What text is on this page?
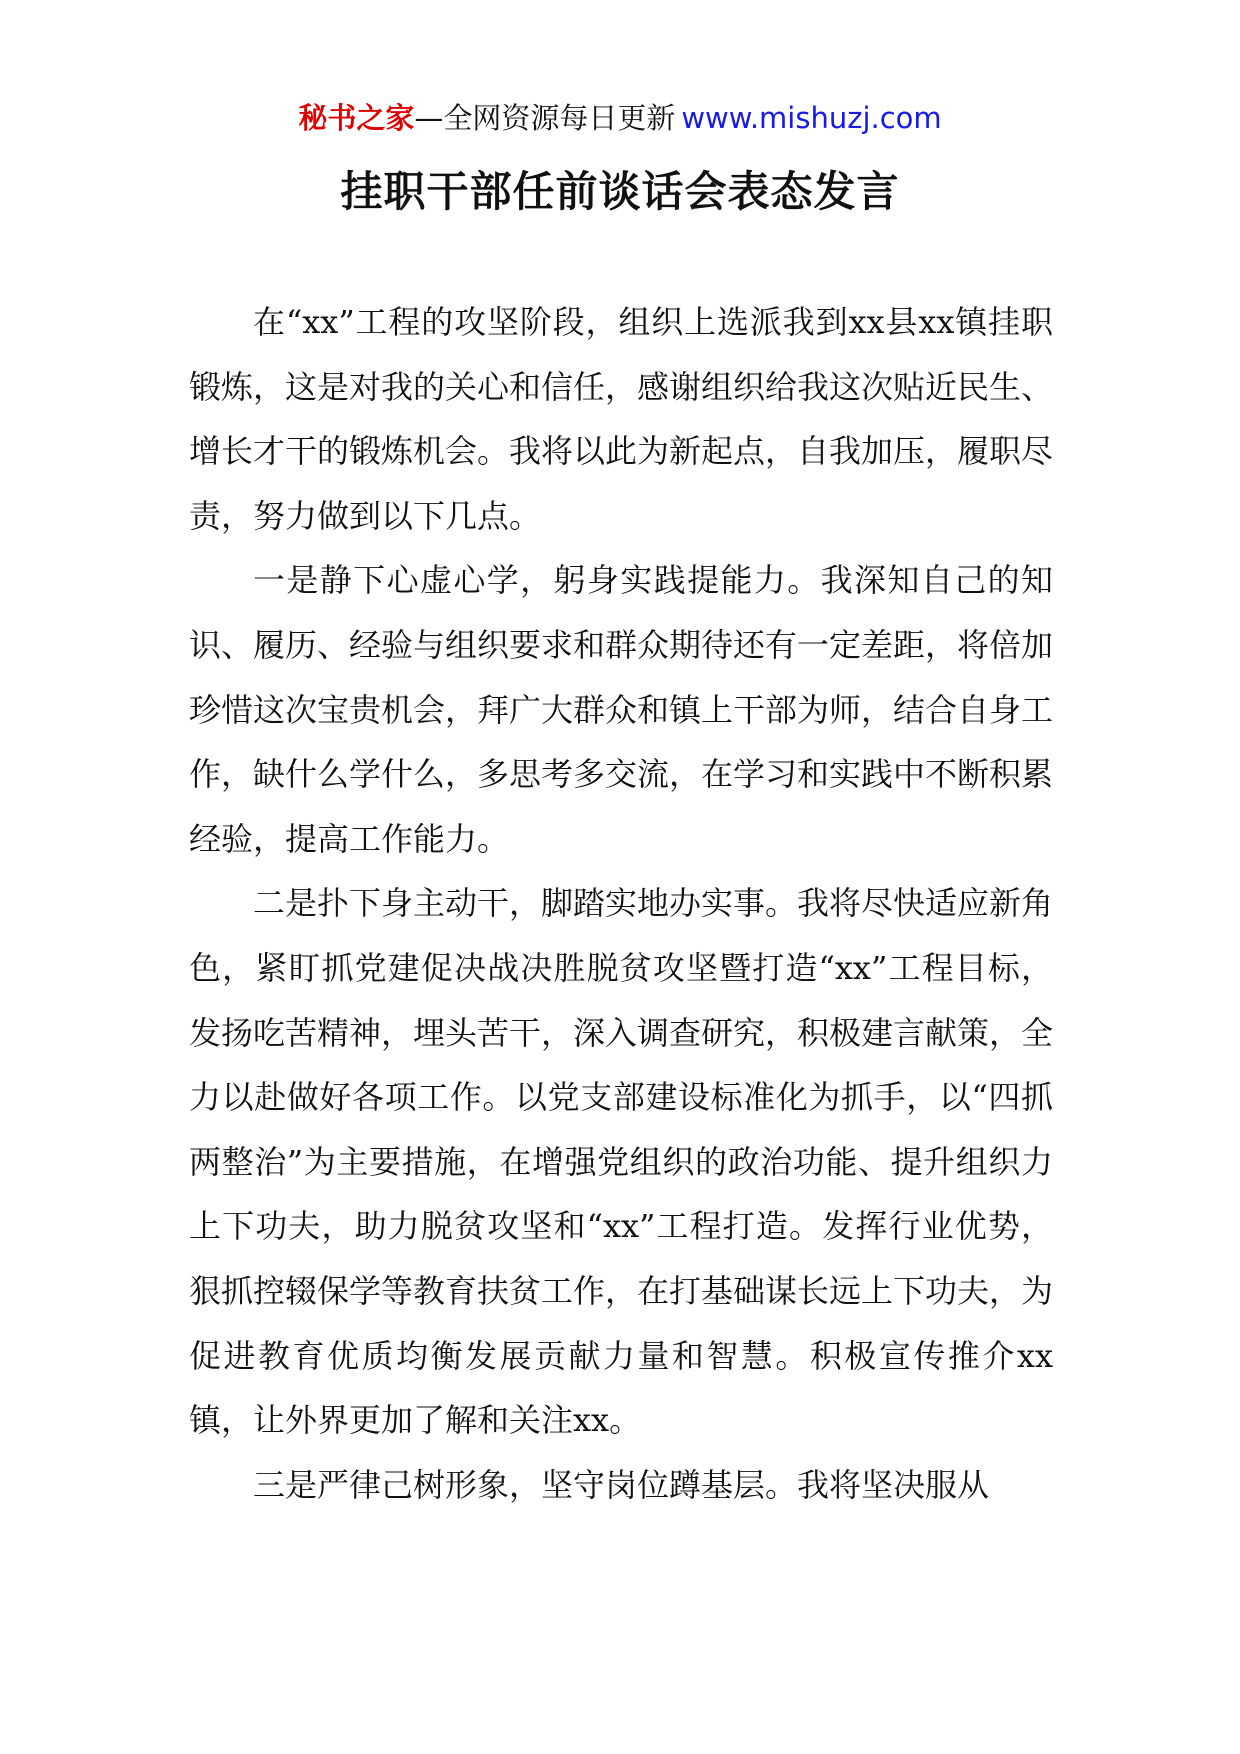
秘书之家—全网资源每日更新 www.mishuzj.com
挂职干部任前谈话会表态发言

在“xx”工程的攻坚阶段，组织上选派我到xx县xx镇挂职锻炼，这是对我的关心和信任，感谢组织给我这次贴近民生、增长才干的锻炼机会。我将以此为新起点，自我加压，履职尽责，努力做到以下几点。

一是静下心虚心学，躬身实践提能力。我深知自己的知识、履历、经验与组织要求和群众期待还有一定差距，将倍加珍惜这次宝贵机会，拜广大群众和镇上干部为师，结合自身工作，缺什么学什么，多思考多交流，在学习和实践中不断积累经验，提高工作能力。

二是扑下身主动干，脚踏实地办实事。我将尽快适应新角色，紧盯抓党建促决战决胜脱贫攻坚暨打造“xx”工程目标，发扬吃苦精神，埋头苦干，深入调查研究，积极建言献策，全力以赴做好各项工作。以党支部建设标准化为抓手，以“四抓两整治”为主要措施，在增强党组织的政治功能、提升组织力上下功夫，助力脱贫攻坚和“xx”工程打造。发挥行业优势，狠抓控辍保学等教育扶贫工作，在打基础谋长远上下功夫，为促进教育优质均衡发展贡献力量和智慧。积极宣传推介xx镇，让外界更加了解和关注xx。

三是严律己树形象，坚守岗位蹲基层。我将坚决服从
